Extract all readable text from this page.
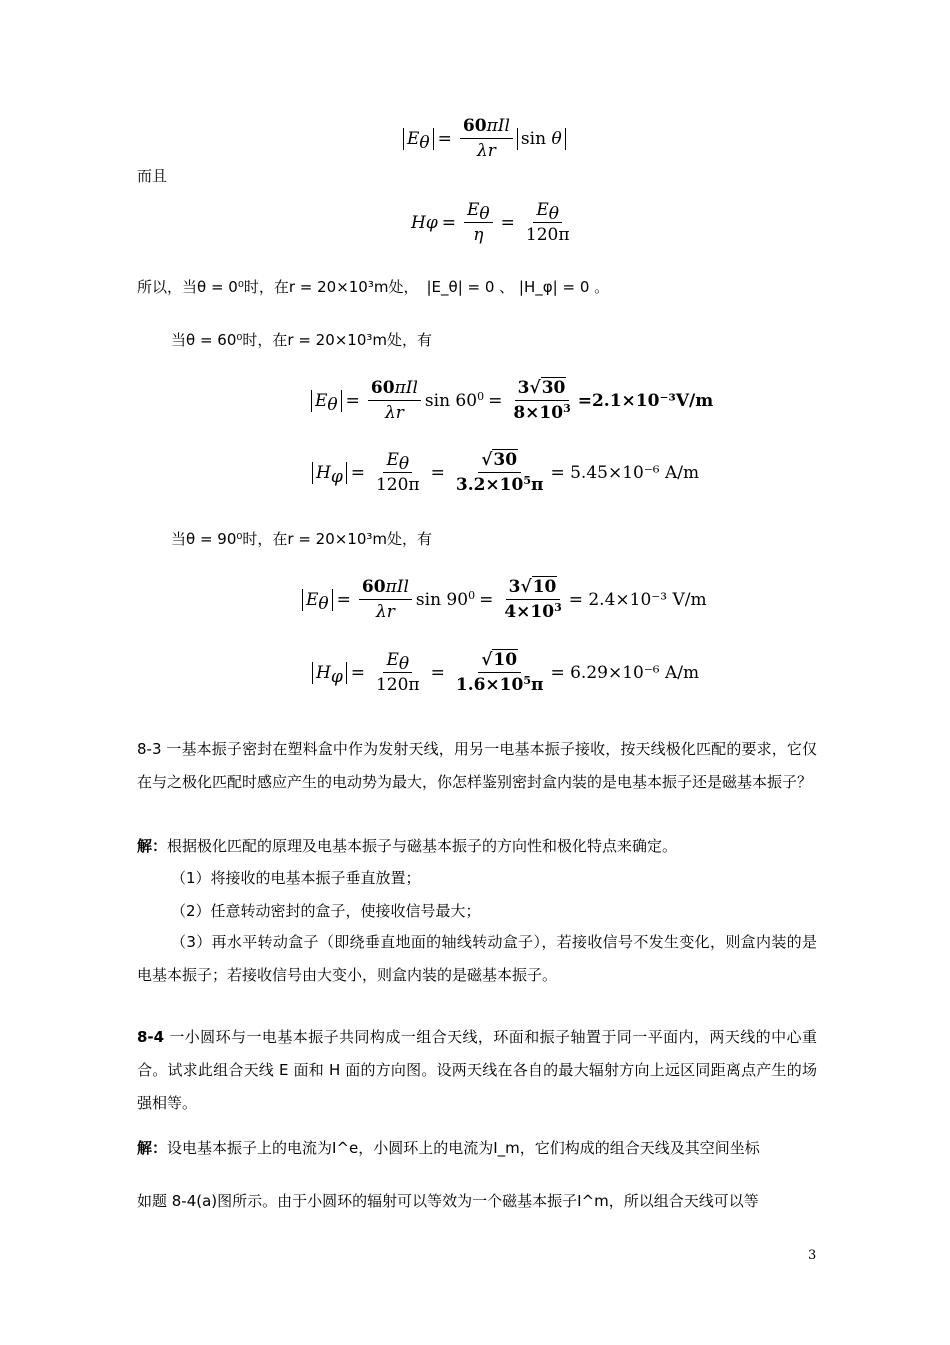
$E_\theta = \frac{\text{60πIl}}{\lambda r}$ sin θ
而且
H $\varphi = \frac{E_\theta}{\eta} = \frac{E_\theta}{120\pi}$
所以，当θ = 0⁰时，在r = 20×10³m处， |E_θ| = 0 、 |H_φ| = 0 。
当θ = 60⁰时，在r = 20×10³m处，有
$E_\theta = \frac{\text{60πIl}}{\lambda r}$ $\sin 60^0 = \frac{3√30}{8\times 10^3} =2.1\times 10^{-3}V/m$
$H_\varphi = \frac{E_\theta}{120\pi} = \frac{√30}{3.2\times 10^5\pi} = 5.45\times 10^{-6}$ A/m
当θ = 90⁰时，在r = 20×10³m处，有
$E_\theta = \frac{\text{60πIl}}{\lambda r}$ $\sin 90^0 = \frac{3√10}{4\times 10^3} = 2.4\times 10^{-3}$ V/m
$H_\varphi = \frac{E_\theta}{120\pi} = \frac{√10}{1.6\times 10^5\pi} = 6.29\times 10^{-6}$ A/m
8-3 一基本振子密封在塑料盒中作为发射天线，用另一电基本振子接收，按天线极化匹配的要求，它仅在与之极化匹配时感应产生的电动势为最大，你怎样鉴别密封盒内装的是电基本振子还是磁基本振子？
解：根据极化匹配的原理及电基本振子与磁基本振子的方向性和极化特点来确定。
（1）将接收的电基本振子垂直放置；
（2）任意转动密封的盒子，使接收信号最大；
（3）再水平转动盒子（即绕垂直地面的轴线转动盒子），若接收信号不发生变化，则盒内装的是电基本振子；若接收信号由大变小，则盒内装的是磁基本振子。
8-4 一小圆环与一电基本振子共同构成一组合天线，环面和振子轴置于同一平面内，两天线的中心重合。试求此组合天线 E 面和 H 面的方向图。设两天线在各自的最大辐射方向上远区同距离点产生的场强相等。
解：设电基本振子上的电流为I^e，小圆环上的电流为I_m，它们构成的组合天线及其空间坐标
如题 8-4(a)图所示。由于小圆环的辐射可以等效为一个磁基本振子I^m，所以组合天线可以等
3
